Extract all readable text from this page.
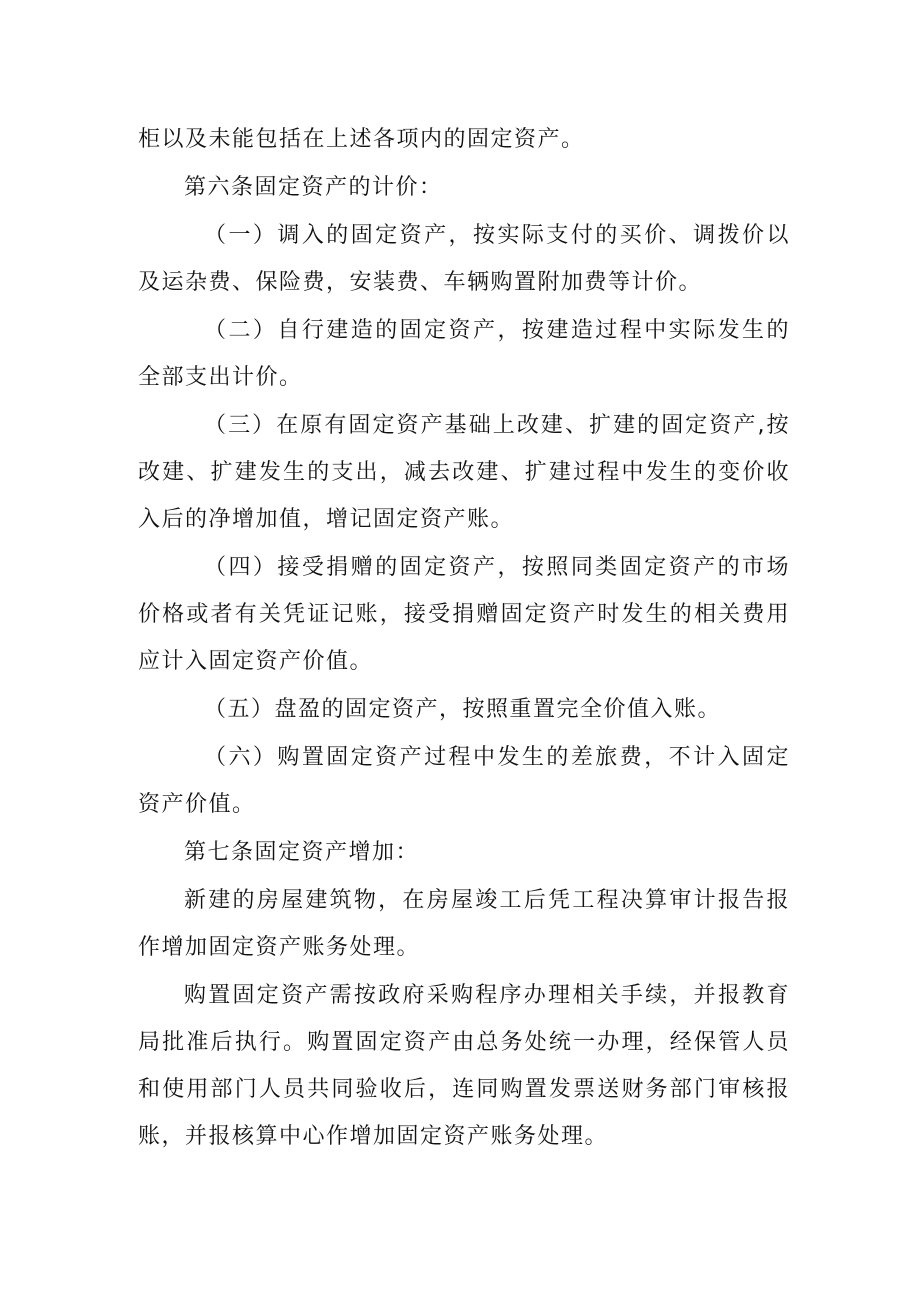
柜以及未能包括在上述各项内的固定资产。

第六条固定资产的计价：

（一）调入的固定资产，按实际支付的买价、调拨价以及运杂费、保险费，安装费、车辆购置附加费等计价。

（二）自行建造的固定资产，按建造过程中实际发生的全部支出计价。

（三）在原有固定资产基础上改建、扩建的固定资产,按改建、扩建发生的支出，减去改建、扩建过程中发生的变价收入后的净增加值，增记固定资产账。

（四）接受捐赠的固定资产，按照同类固定资产的市场价格或者有关凭证记账，接受捐赠固定资产时发生的相关费用应计入固定资产价值。

（五）盘盈的固定资产，按照重置完全价值入账。

（六）购置固定资产过程中发生的差旅费，不计入固定资产价值。

第七条固定资产增加：

新建的房屋建筑物，在房屋竣工后凭工程决算审计报告报作增加固定资产账务处理。

购置固定资产需按政府采购程序办理相关手续，并报教育局批准后执行。购置固定资产由总务处统一办理，经保管人员和使用部门人员共同验收后，连同购置发票送财务部门审核报账，并报核算中心作增加固定资产账务处理。
